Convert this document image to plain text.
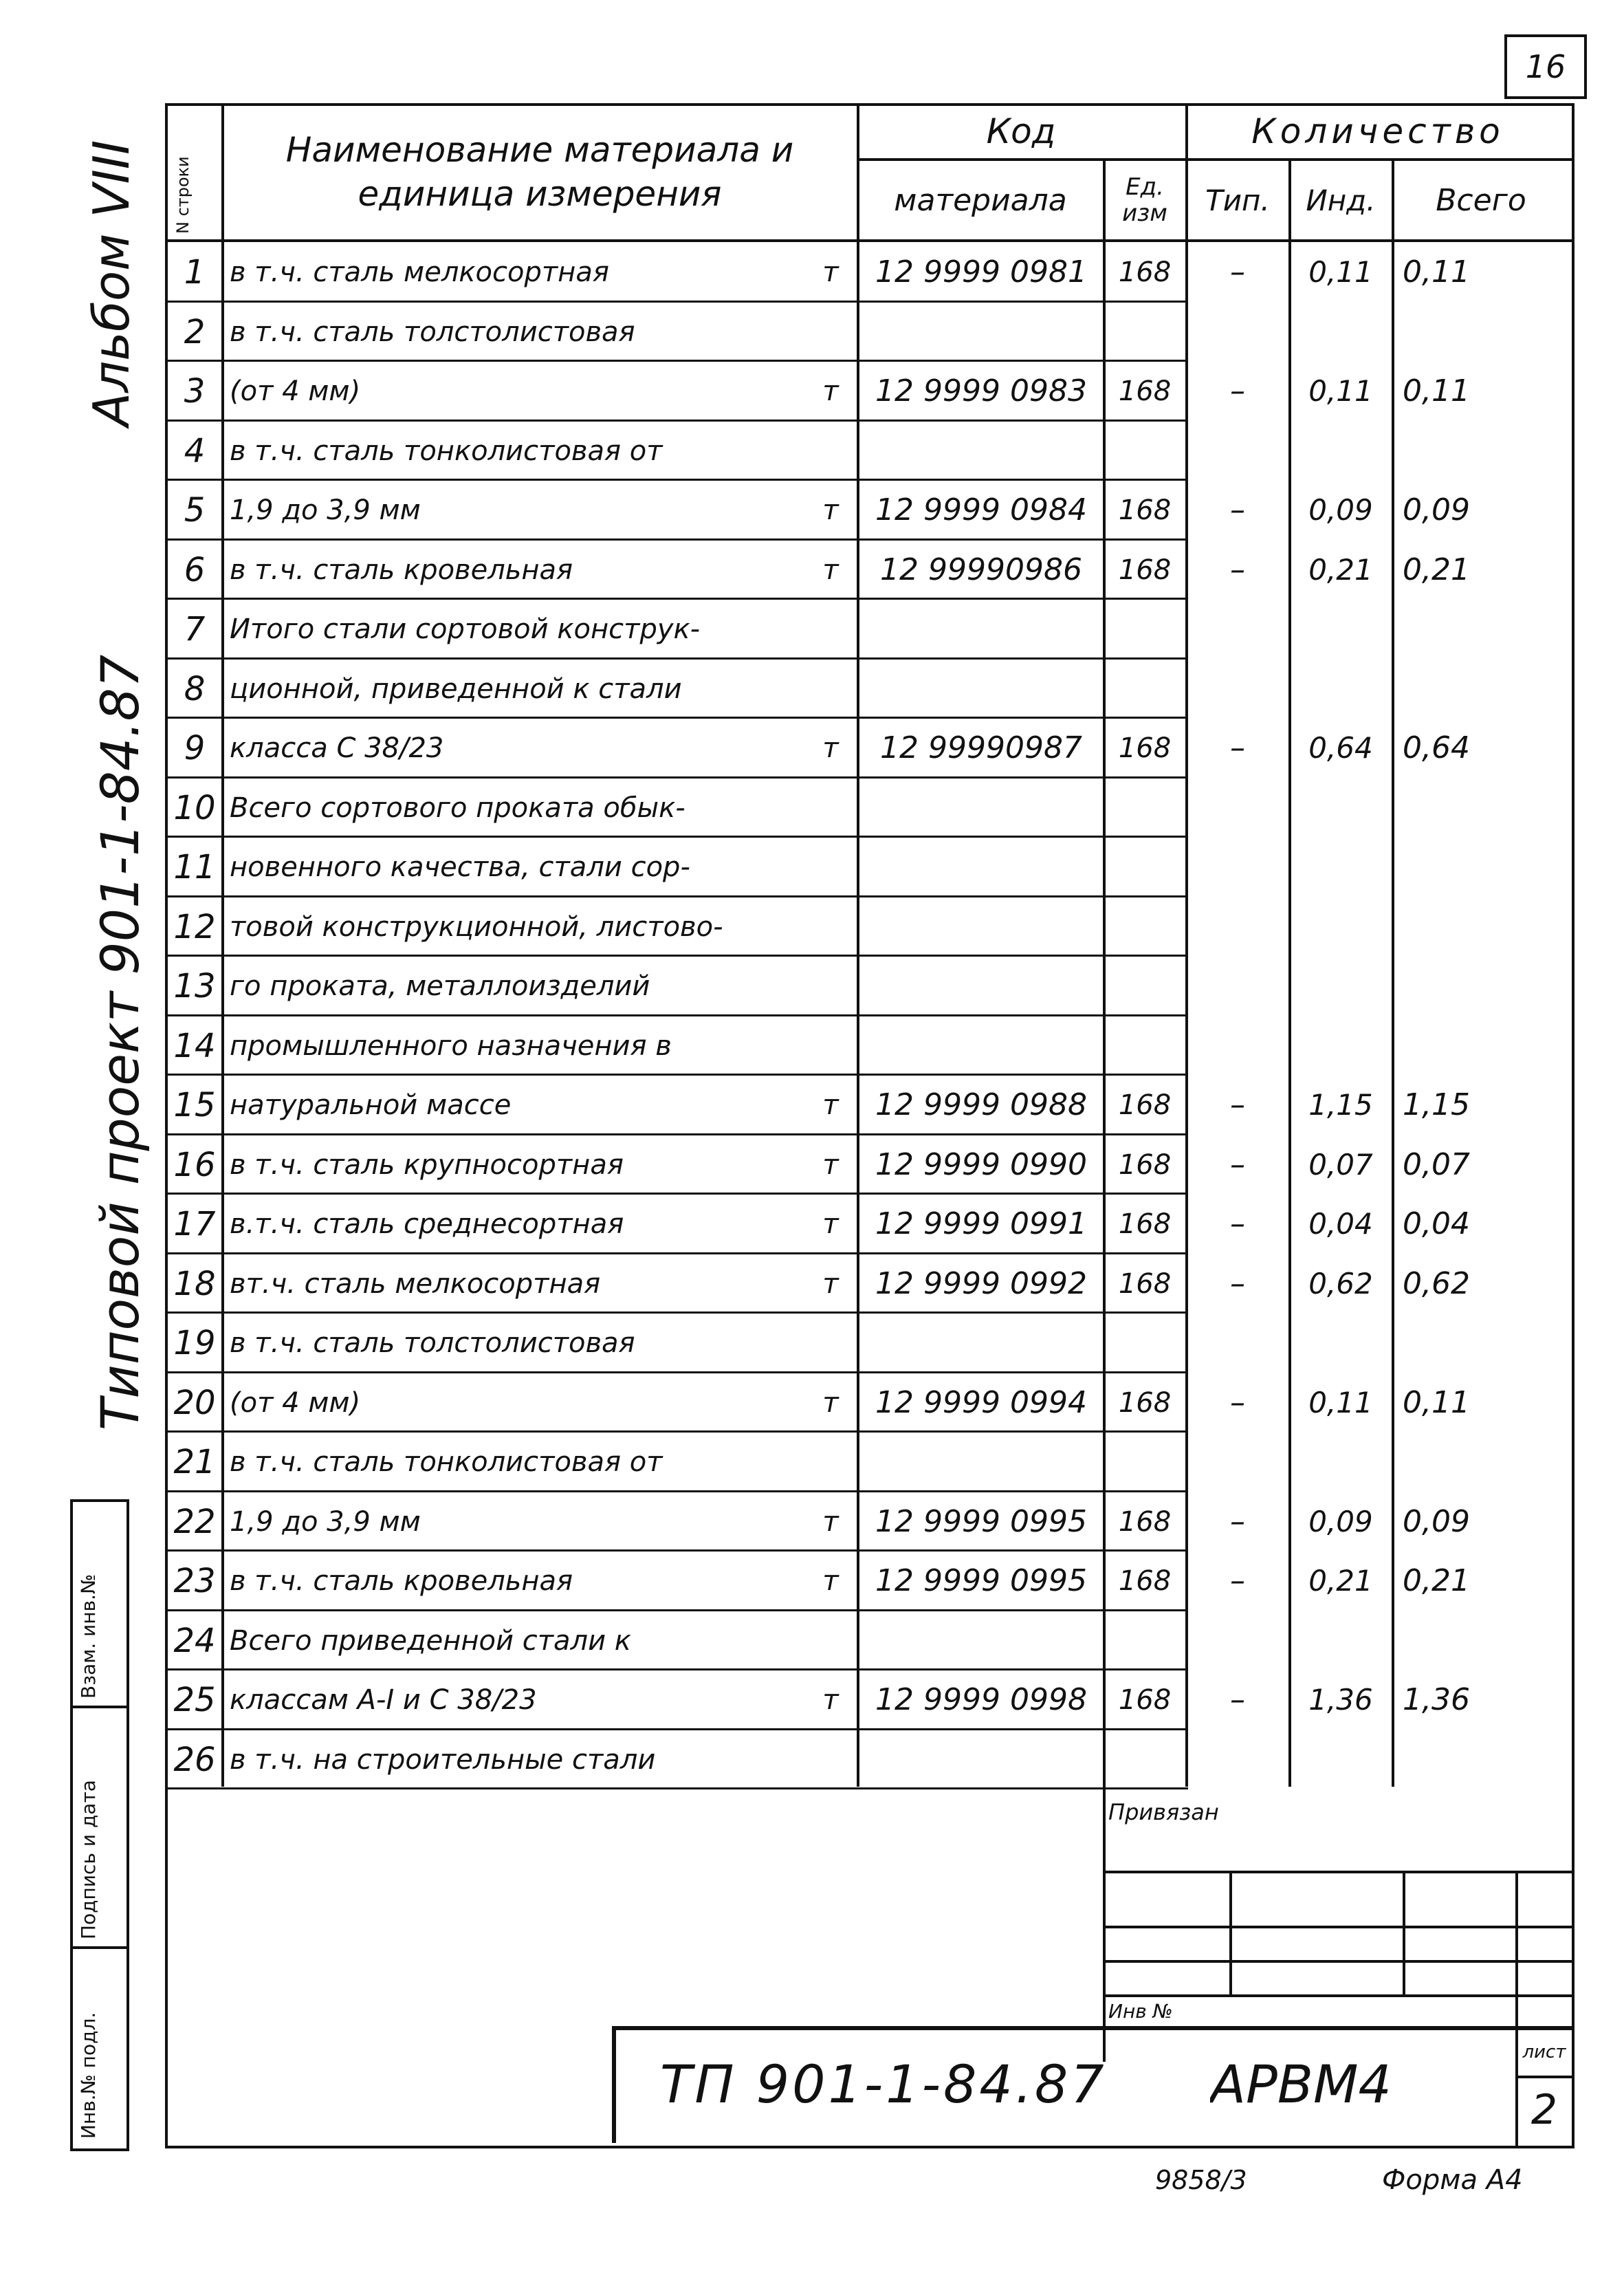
16
Альбом VIII
Типовой проект 901-1-84.87
Инв.№ подл.
Подпись и дата
Взам. инв.№
N строки
Наименование материала и единица измерения
Код
материала	Ед. изм
Количество
Тип.	Инд.	Всего
1 в т.ч. сталь мелкосортная	т	12 9999 0981	168	–	0,11 0,11
2 в т.ч. сталь толстолистовая
3 (от 4 мм)	т	12 9999 0983	168	–	0,11 0,11
4 в т.ч. сталь тонколистовая от
5 1,9 до 3,9 мм	т	12 9999 0984	168	–	0,09 0,09
6 в т.ч. сталь кровельная	т	12 99990986	168	–	0,21 0,21
7 Итого стали сортовой конструк-
8 ционной, приведенной к стали
9 класса С 38/23	т	12 99990987	168	–	0,64 0,64
10 Всего сортового проката обык-
11 новенного качества, стали сор-
12 товой конструкционной, листово-
13 го проката, металлоизделий
14 промышленного назначения в
15 натуральной массе	т	12 9999 0988	168	–	1,15 1,15
16 в т.ч. сталь крупносортная	т	12 9999 0990	168	–	0,07 0,07
17 в.т.ч. сталь среднесортная	т	12 9999 0991	168	–	0,04 0,04
18 вт.ч. сталь мелкосортная	т	12 9999 0992	168	–	0,62 0,62
19 в т.ч. сталь толстолистовая
20 (от 4 мм)	т	12 9999 0994	168	–	0,11 0,11
21 в т.ч. сталь тонколистовая от
22 1,9 до 3,9 мм	т	12 9999 0995	168	–	0,09 0,09
23 в т.ч. сталь кровельная	т	12 9999 0995	168	–	0,21 0,21
24 Всего приведенной стали к
25 классам А-I и С 38/23	т	12 9999 0998	168	–	1,36 1,36
26 в т.ч. на строительные стали
Привязан
Инв №
ТП 901-1-84.87 АРВМ4
лист
2
9858/3	Форма А4
